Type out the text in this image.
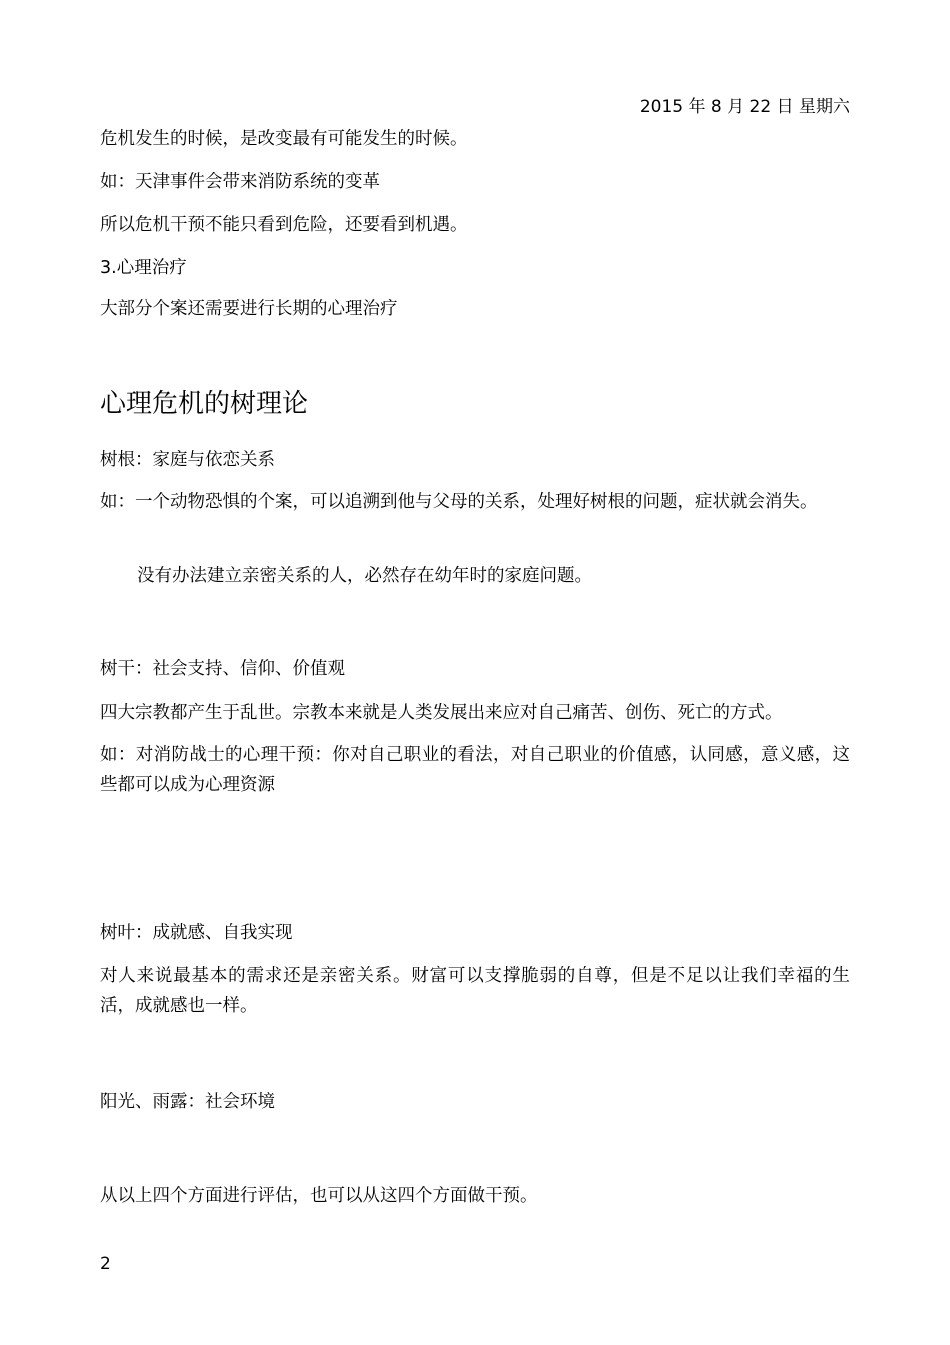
2015 年 8 月 22 日 星期六
危机发生的时候，是改变最有可能发生的时候。
如：天津事件会带来消防系统的变革
所以危机干预不能只看到危险，还要看到机遇。
3.心理治疗
大部分个案还需要进行长期的心理治疗
心理危机的树理论
树根：家庭与依恋关系
如：一个动物恐惧的个案，可以追溯到他与父母的关系，处理好树根的问题，症状就会消失。
没有办法建立亲密关系的人，必然存在幼年时的家庭问题。
树干：社会支持、信仰、价值观
四大宗教都产生于乱世。宗教本来就是人类发展出来应对自己痛苦、创伤、死亡的方式。
如：对消防战士的心理干预：你对自己职业的看法，对自己职业的价值感，认同感，意义感，这些都可以成为心理资源
树叶：成就感、自我实现
对人来说最基本的需求还是亲密关系。财富可以支撑脆弱的自尊，但是不足以让我们幸福的生活，成就感也一样。
阳光、雨露：社会环境
从以上四个方面进行评估，也可以从这四个方面做干预。
2
